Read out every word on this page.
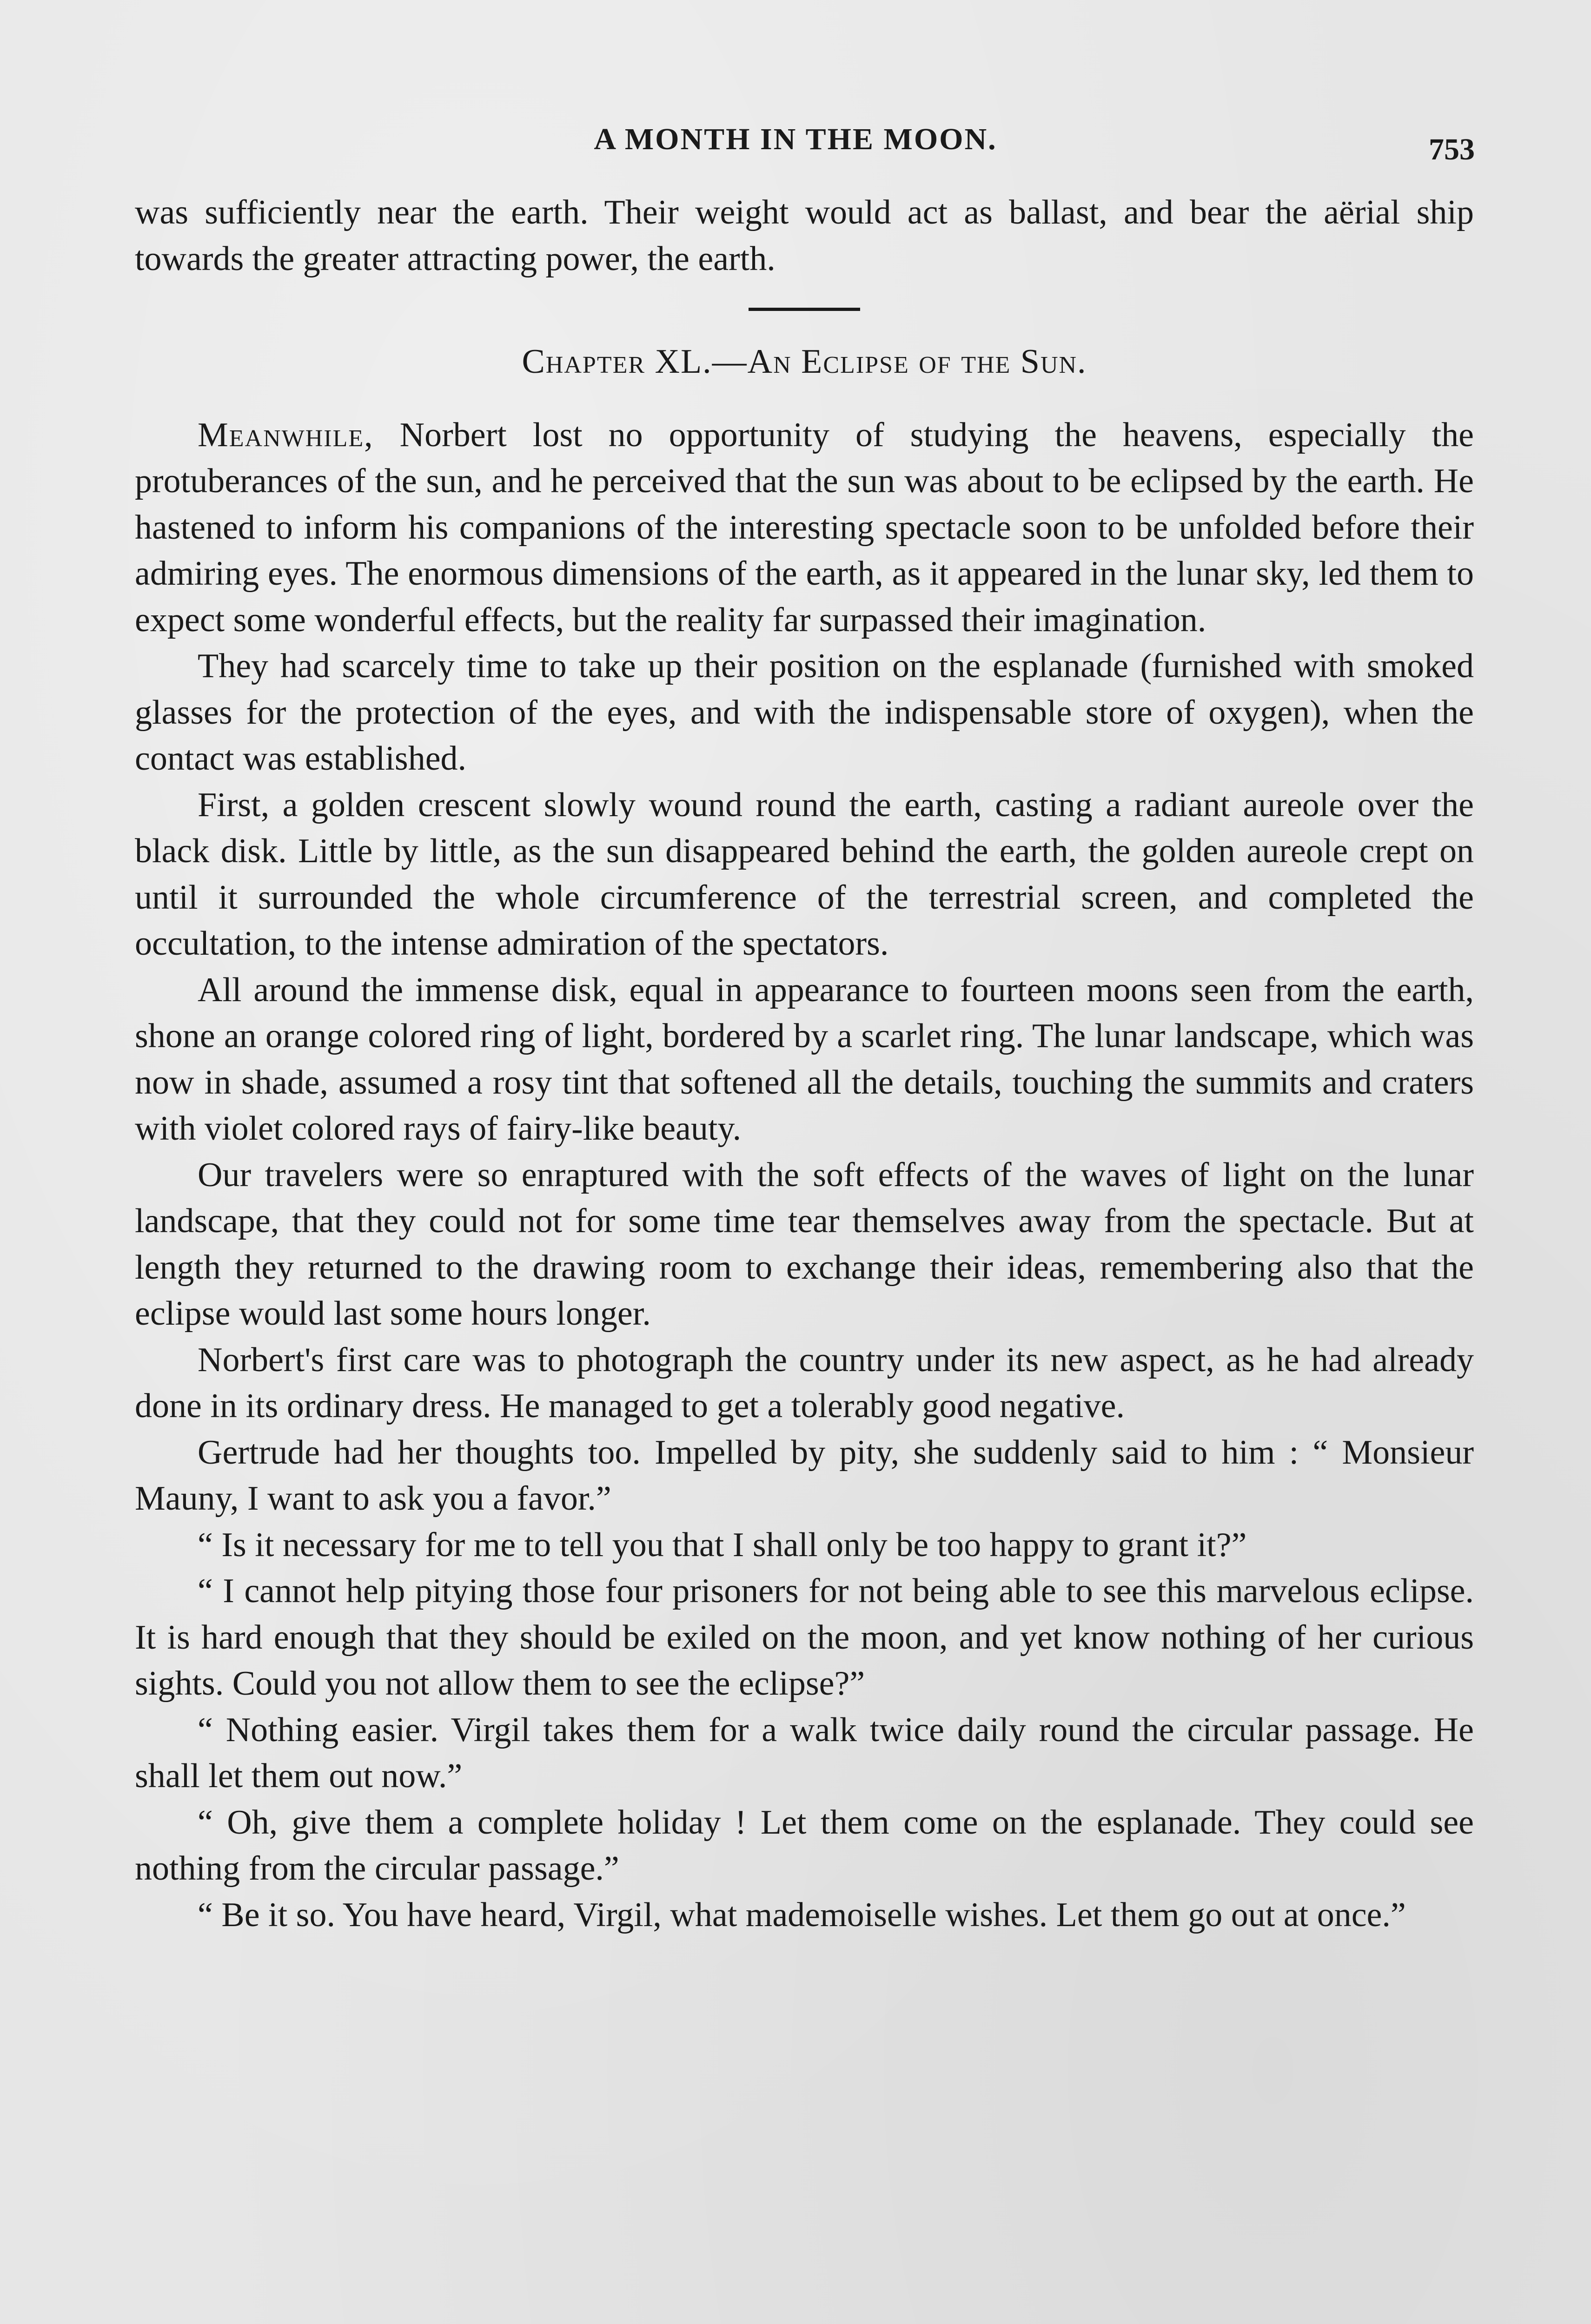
A MONTH IN THE MOON.	753

was sufficiently near the earth. Their weight would act as ballast, and bear the aërial ship towards the greater attracting power, the earth.

Chapter XL.—An Eclipse of the Sun.

Meanwhile, Norbert lost no opportunity of studying the heavens, especially the protuberances of the sun, and he perceived that the sun was about to be eclipsed by the earth. He hastened to inform his companions of the interesting spectacle soon to be unfolded before their admiring eyes. The enormous dimensions of the earth, as it appeared in the lunar sky, led them to expect some wonderful effects, but the reality far surpassed their imagination.

They had scarcely time to take up their position on the esplanade (furnished with smoked glasses for the protection of the eyes, and with the indispensable store of oxygen), when the contact was established.

First, a golden crescent slowly wound round the earth, casting a radiant aureole over the black disk. Little by little, as the sun disappeared behind the earth, the golden aureole crept on until it surrounded the whole circumference of the terrestrial screen, and completed the occultation, to the intense admiration of the spectators.

All around the immense disk, equal in appearance to fourteen moons seen from the earth, shone an orange colored ring of light, bordered by a scarlet ring. The lunar landscape, which was now in shade, assumed a rosy tint that softened all the details, touching the summits and craters with violet colored rays of fairy-like beauty.

Our travelers were so enraptured with the soft effects of the waves of light on the lunar landscape, that they could not for some time tear themselves away from the spectacle. But at length they returned to the drawing room to exchange their ideas, remembering also that the eclipse would last some hours longer.

Norbert's first care was to photograph the country under its new aspect, as he had already done in its ordinary dress. He managed to get a tolerably good negative.

Gertrude had her thoughts too. Impelled by pity, she suddenly said to him : “ Monsieur Mauny, I want to ask you a favor.”

“ Is it necessary for me to tell you that I shall only be too happy to grant it?”

“ I cannot help pitying those four prisoners for not being able to see this marvelous eclipse. It is hard enough that they should be exiled on the moon, and yet know nothing of her curious sights. Could you not allow them to see the eclipse?”

“ Nothing easier. Virgil takes them for a walk twice daily round the circular passage. He shall let them out now.”

“ Oh, give them a complete holiday ! Let them come on the esplanade. They could see nothing from the circular passage.”

“ Be it so. You have heard, Virgil, what mademoiselle wishes. Let them go out at once.”
